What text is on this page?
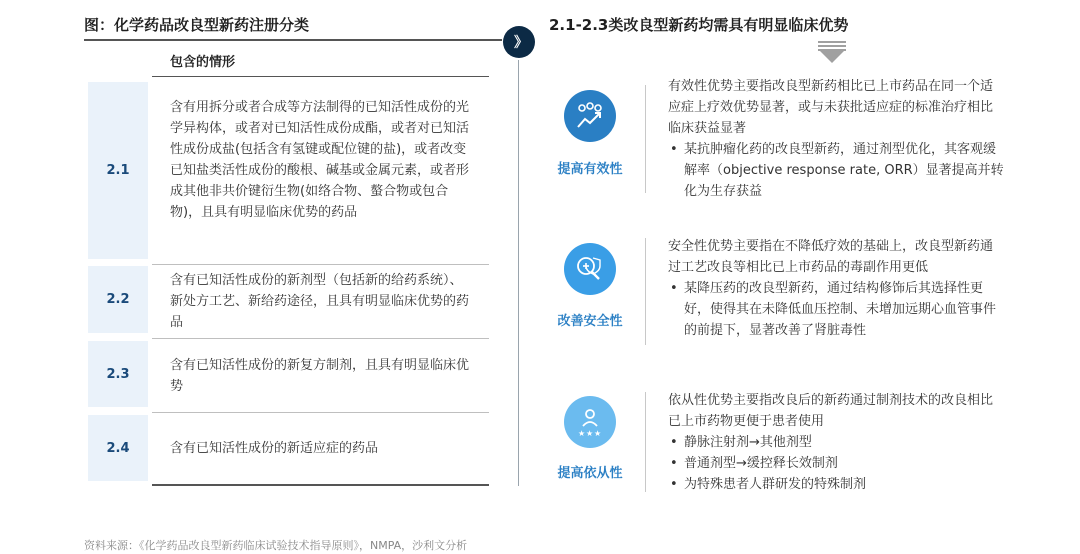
图：化学药品改良型新药注册分类	2.1-2.3类改良型新药均需具有明显临床优势
包含的情形
2.1
含有用拆分或者合成等方法制得的已知活性成份的光学异构体，或者对已知活性成份成酯，或者对已知活性成份成盐(包括含有氢键或配位键的盐)，或者改变已知盐类活性成份的酸根、碱基或金属元素，或者形成其他非共价键衍生物(如络合物、螯合物或包合物)，且具有明显临床优势的药品
2.2
含有已知活性成份的新剂型（包括新的给药系统）、新处方工艺、新给药途径，且具有明显临床优势的药品
2.3
含有已知活性成份的新复方制剂，且具有明显临床优势
2.4	含有已知活性成份的新适应症的药品
》
提高有效性
有效性优势主要指改良型新药相比已上市药品在同一个适应症上疗效优势显著，或与未获批适应症的标准治疗相比临床获益显著
• 某抗肿瘤化药的改良型新药，通过剂型优化，其客观缓解率（objective response rate, ORR）显著提高并转化为生存获益
改善安全性
安全性优势主要指在不降低疗效的基础上，改良型新药通过工艺改良等相比已上市药品的毒副作用更低
• 某降压药的改良型新药，通过结构修饰后其选择性更好，使得其在未降低血压控制、未增加远期心血管事件的前提下，显著改善了肾脏毒性
★ ★ ★
提高依从性
依从性优势主要指改良后的新药通过制剂技术的改良相比已上市药物更便于患者使用
• 静脉注射剂→其他剂型
• 普通剂型→缓控释长效制剂
• 为特殊患者人群研发的特殊制剂
资料来源：《化学药品改良型新药临床试验技术指导原则》，NMPA，沙利文分析
